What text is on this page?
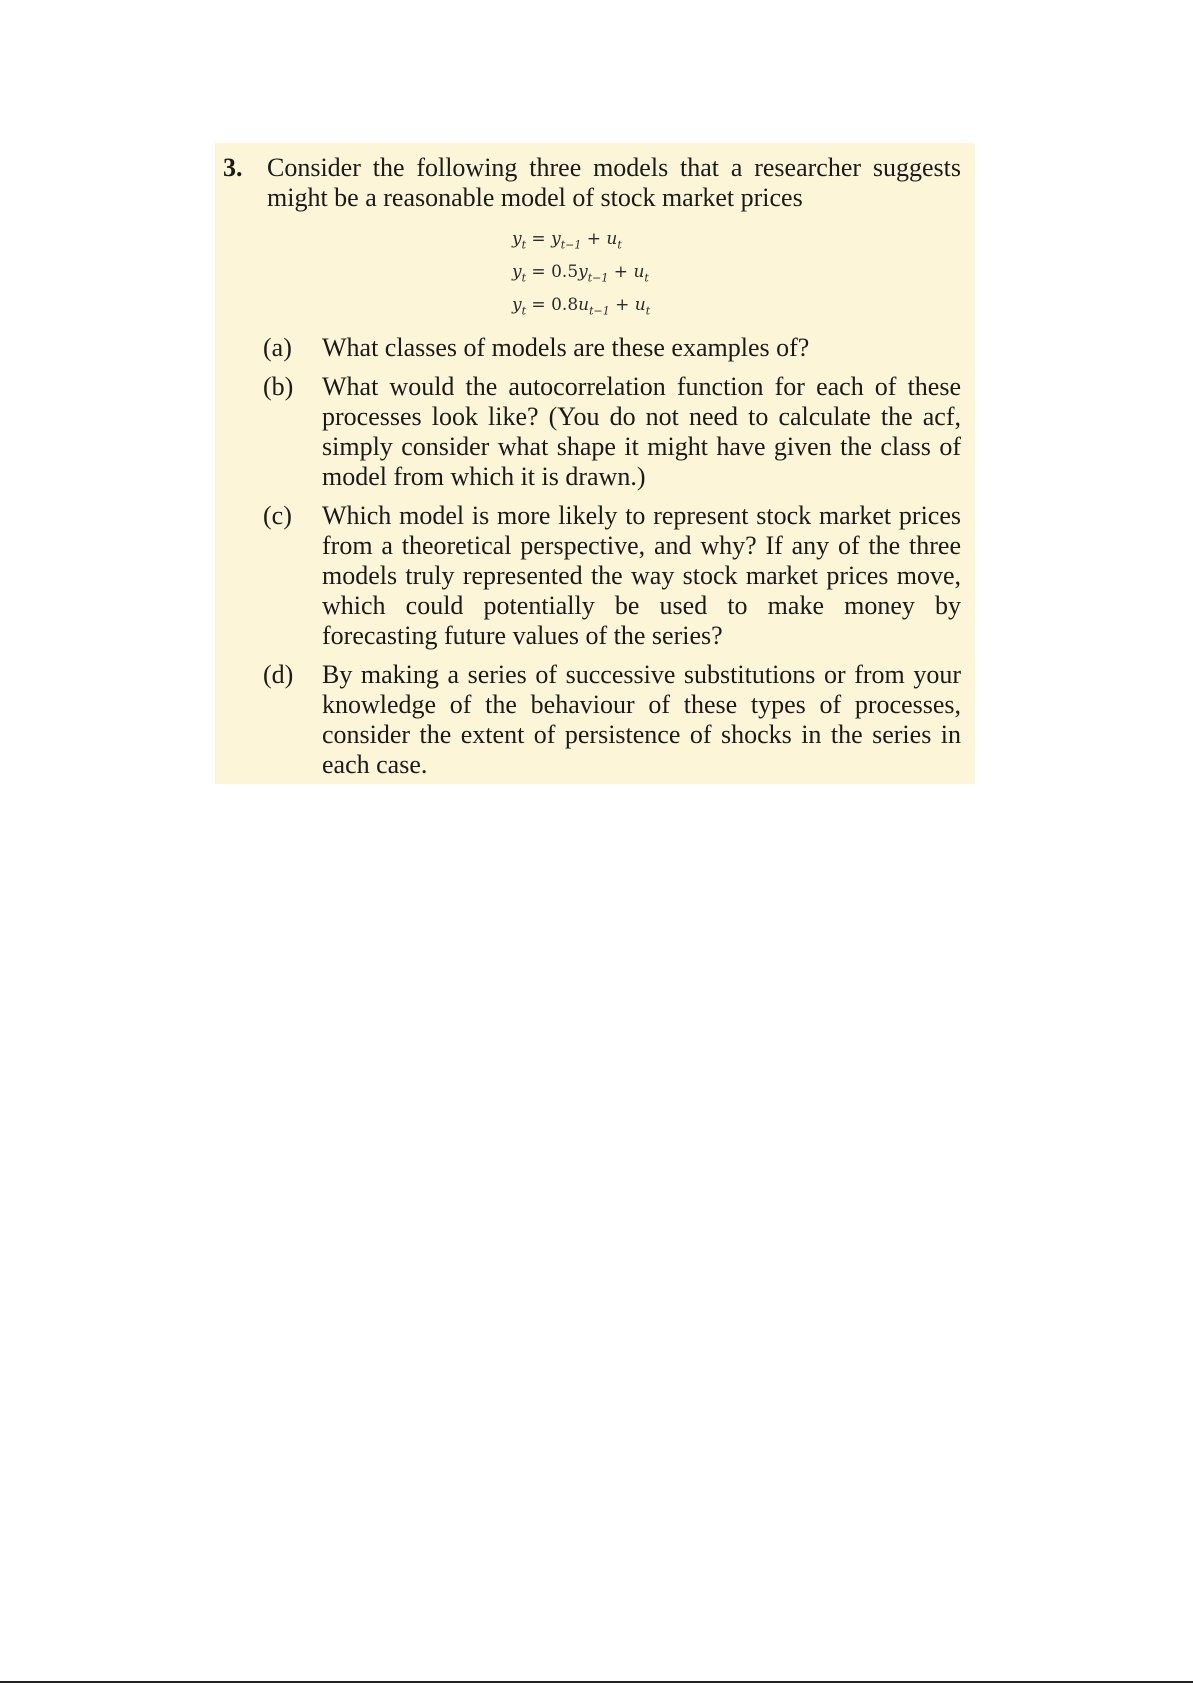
3. Consider the following three models that a researcher suggests might be a reasonable model of stock market prices
$y_t = y_{t-1} + u_t$
$y_t = 0.5y_{t-1} + u_t$
$y_t = 0.8u_{t-1} + u_t$
(a)	What classes of models are these examples of?
(b)	What would the autocorrelation function for each of these processes look like? (You do not need to calculate the acf, simply consider what shape it might have given the class of model from which it is drawn.)
(c)	Which model is more likely to represent stock market prices from a theoretical perspective, and why? If any of the three models truly represented the way stock market prices move, which could potentially be used to make money by forecasting future values of the series?
(d)	By making a series of successive substitutions or from your knowledge of the behaviour of these types of processes, consider the extent of persistence of shocks in the series in each case.
